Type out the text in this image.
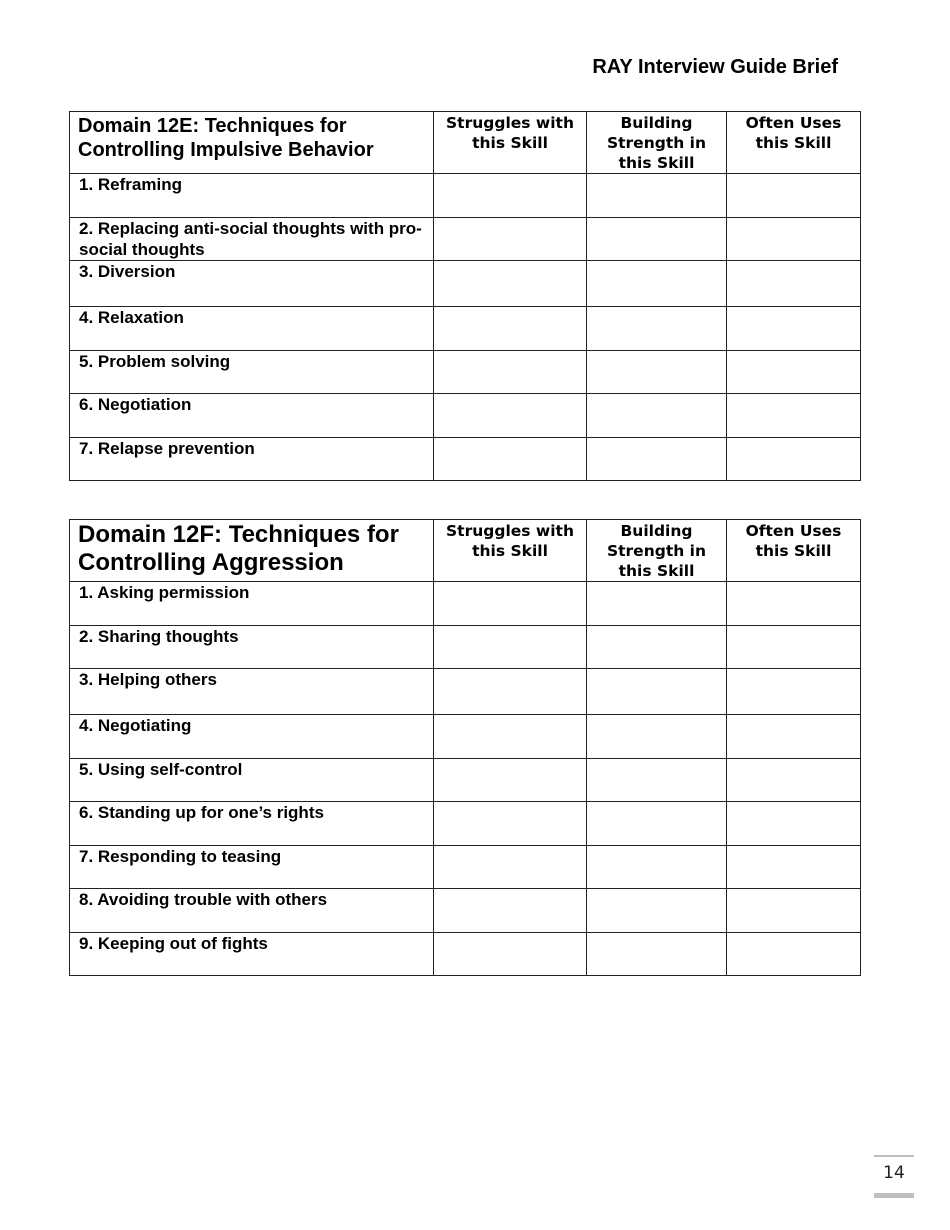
RAY Interview Guide Brief
Domain 12E: Techniques for Controlling Impulsive Behavior	Struggles with this Skill	Building Strength in this Skill	Often Uses this Skill
1. Reframing			
2. Replacing anti-social thoughts with pro-social thoughts			
3. Diversion			
4. Relaxation			
5. Problem solving			
6. Negotiation			
7. Relapse prevention			
Domain 12F: Techniques for Controlling Aggression	Struggles with this Skill	Building Strength in this Skill	Often Uses this Skill
1. Asking permission			
2. Sharing thoughts			
3. Helping others			
4. Negotiating			
5. Using self-control			
6. Standing up for one’s rights			
7. Responding to teasing			
8. Avoiding trouble with others			
9. Keeping out of fights			
14
